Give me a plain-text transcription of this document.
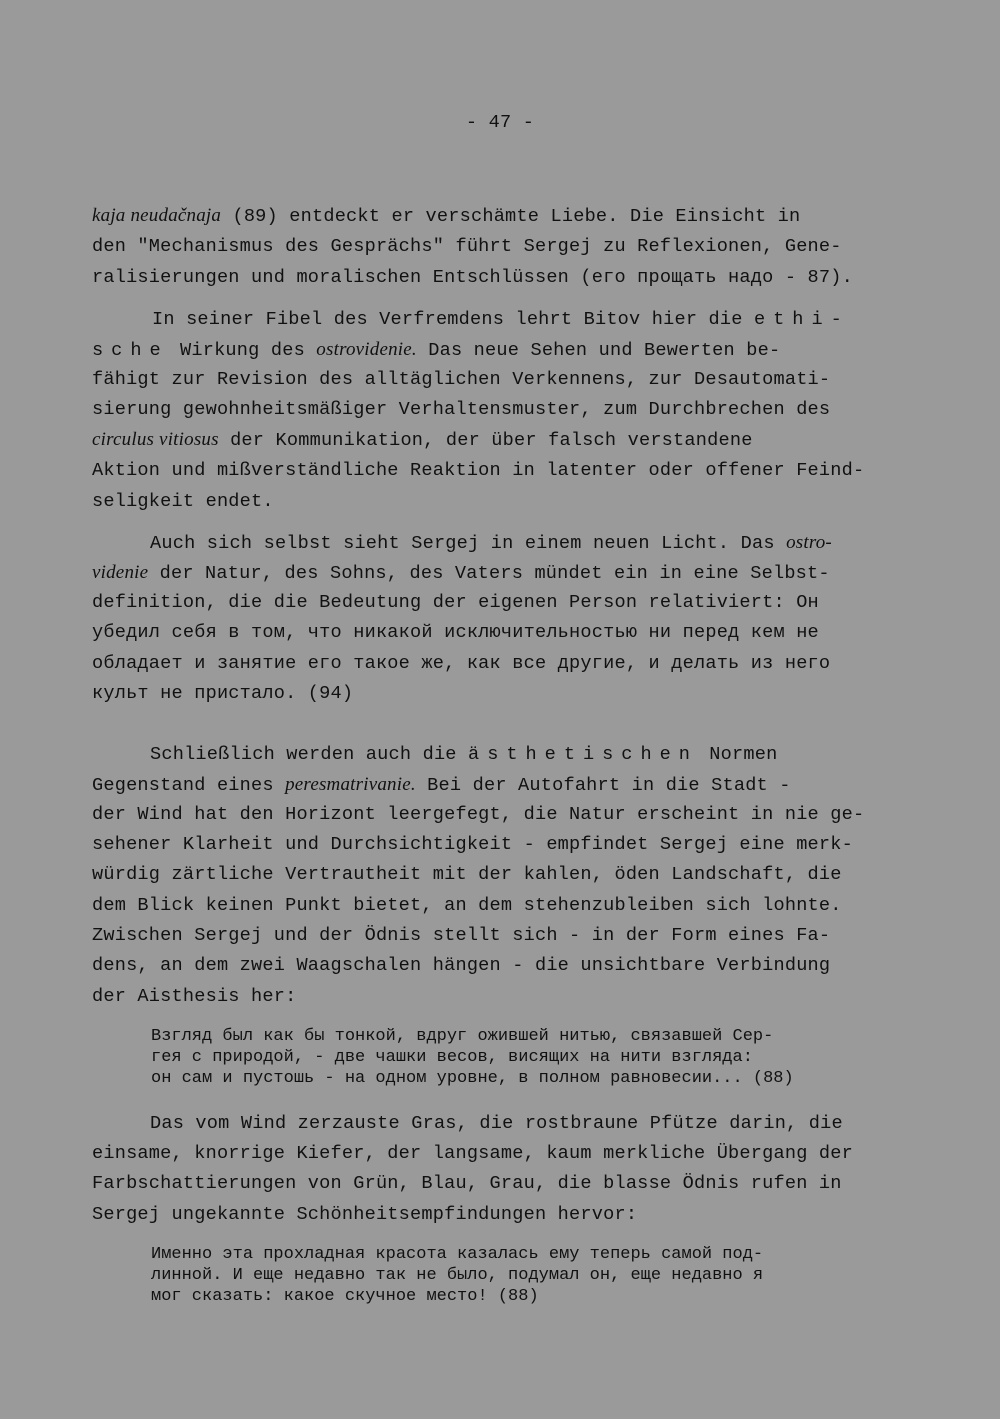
- 47 -
kaja neudačnaja (89) entdeckt er verschämte Liebe. Die Einsicht in
den "Mechanismus des Gesprächs" führt Sergej zu Reflexionen, Gene-
ralisierungen und moralischen Entschlüssen (его прощать надо - 87).
In seiner Fibel des Verfremdens lehrt Bitov hier die ethi-
sche Wirkung des ostrovidenie. Das neue Sehen und Bewerten be-
fähigt zur Revision des alltäglichen Verkennens, zur Desautomati-
sierung gewohnheitsmäßiger Verhaltensmuster, zum Durchbrechen des
circulus vitiosus der Kommunikation, der über falsch verstandene
Aktion und mißverständliche Reaktion in latenter oder offener Feind-
seligkeit endet.
Auch sich selbst sieht Sergej in einem neuen Licht. Das ostro-
videnie der Natur, des Sohns, des Vaters mündet ein in eine Selbst-
definition, die die Bedeutung der eigenen Person relativiert: Он
убедил себя в том, что никакой исключительностью ни перед кем не
обладает и занятие его такое же, как все другие, и делать из него
культ не пристало. (94)
Schließlich werden auch die ästhetischen Normen
Gegenstand eines peresmatrivanie. Bei der Autofahrt in die Stadt -
der Wind hat den Horizont leergefegt, die Natur erscheint in nie ge-
sehener Klarheit und Durchsichtigkeit - empfindet Sergej eine merk-
würdig zärtliche Vertrautheit mit der kahlen, öden Landschaft, die
dem Blick keinen Punkt bietet, an dem stehenzubleiben sich lohnte.
Zwischen Sergej und der Ödnis stellt sich - in der Form eines Fa-
dens, an dem zwei Waagschalen hängen - die unsichtbare Verbindung
der Aisthesis her:
Взгляд был как бы тонкой, вдруг ожившей нитью, связавшей Сер-
гея с природой, - две чашки весов, висящих на нити взгляда:
он сам и пустошь - на одном уровне, в полном равновесии... (88)
Das vom Wind zerzauste Gras, die rostbraune Pfütze darin, die
einsame, knorrige Kiefer, der langsame, kaum merkliche Übergang der
Farbschattierungen von Grün, Blau, Grau, die blasse Ödnis rufen in
Sergej ungekannte Schönheitsempfindungen hervor:
Именно эта прохладная красота казалась ему теперь самой под-
линной. И еще недавно так не было, подумал он, еще недавно я
мог сказать: какое скучное место! (88)
